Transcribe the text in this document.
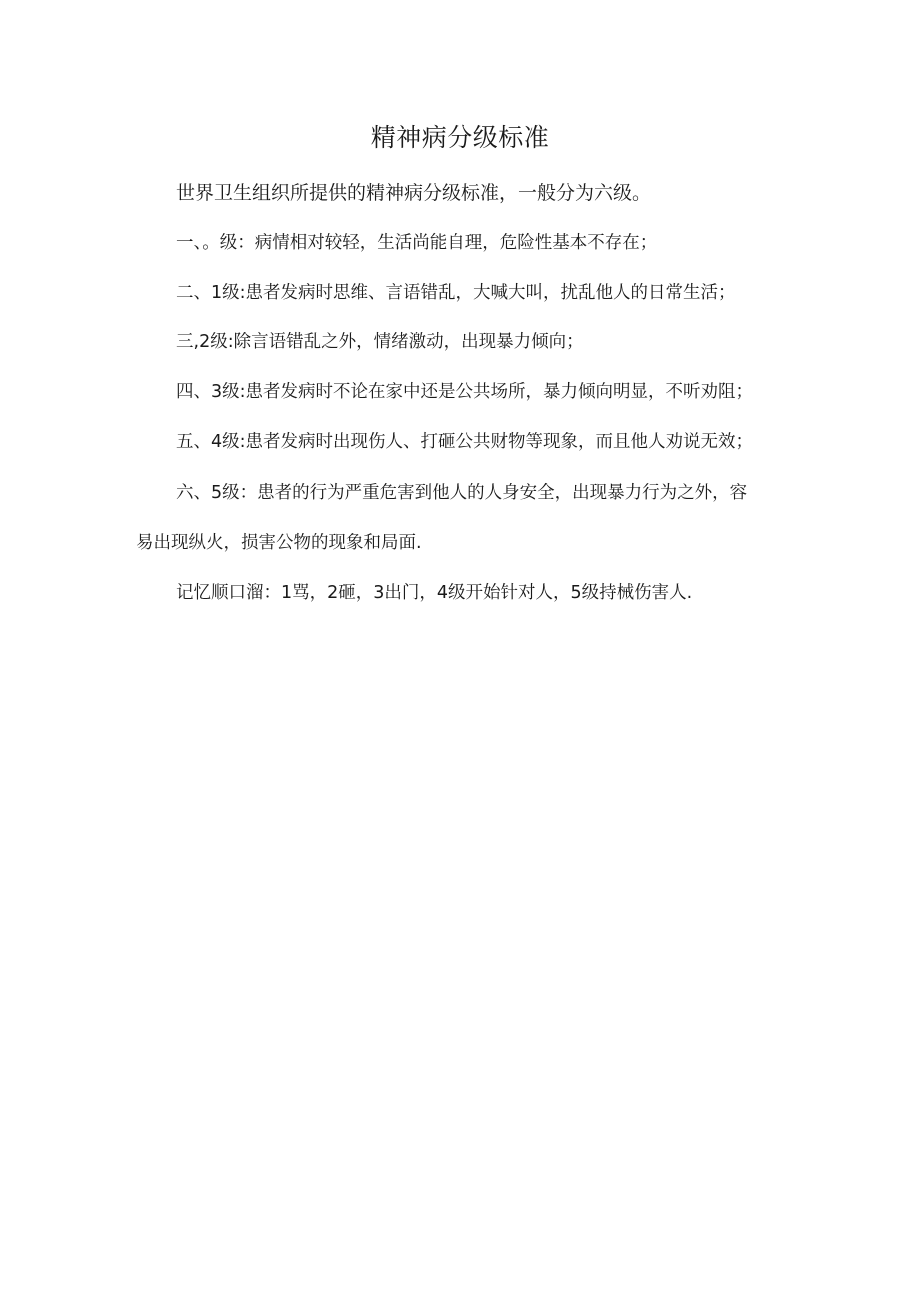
精神病分级标准
世界卫生组织所提供的精神病分级标准，一般分为六级。
一、。级：病情相对较轻，生活尚能自理，危险性基本不存在；
二、1级:患者发病时思维、言语错乱，大喊大叫，扰乱他人的日常生活；
三,2级:除言语错乱之外，情绪激动，出现暴力倾向；
四、3级:患者发病时不论在家中还是公共场所，暴力倾向明显，不听劝阻；
五、4级:患者发病时出现伤人、打砸公共财物等现象，而且他人劝说无效；
六、5级：患者的行为严重危害到他人的人身安全，出现暴力行为之外，容
易出现纵火，损害公物的现象和局面.
记忆顺口溜：1骂，2砸，3出门，4级开始针对人，5级持械伤害人.
